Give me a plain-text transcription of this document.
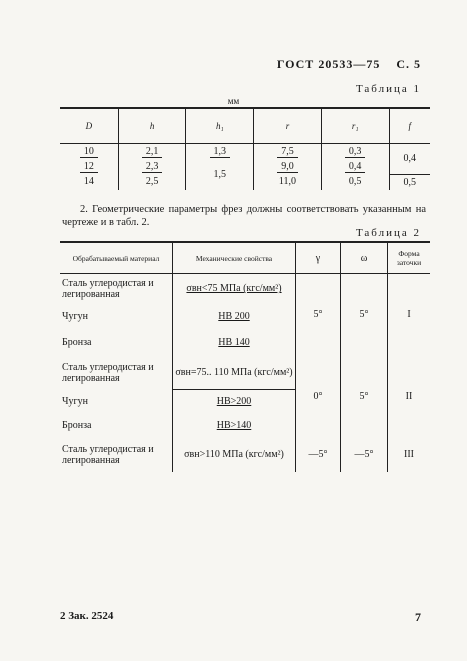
ГОСТ 20533—75 С. 5
Таблица 1
мм
D	h	h₁	r	r₁	f
10	2,1	1,3	7,5	0,3	0,4
12	2,3	1,5	9,0	0,4	
14	2,5		11,0	0,5	0,5
2. Геометрические параметры фрез должны соответствовать указанным на чертеже и в табл. 2.
Таблица 2
Обрабатываемый материал	Механические свойства	γ	ω	Форма заточки
Сталь углеродистая и легированная	σвн<75 МПа (кгс/мм²)	5°	5°	I
Чугун	НВ 200			
Бронза	НВ 140			
Сталь углеродистая и легированная	σвн=75.. 110 МПа (кгс/мм²)	0°	5°	II
Чугун	НВ>200			
Бронза	НВ>140			
Сталь углеродистая и легированная	σвн>110 МПа (кгс/мм²)	—5°	—5°	III
2 Зак. 2524	7
